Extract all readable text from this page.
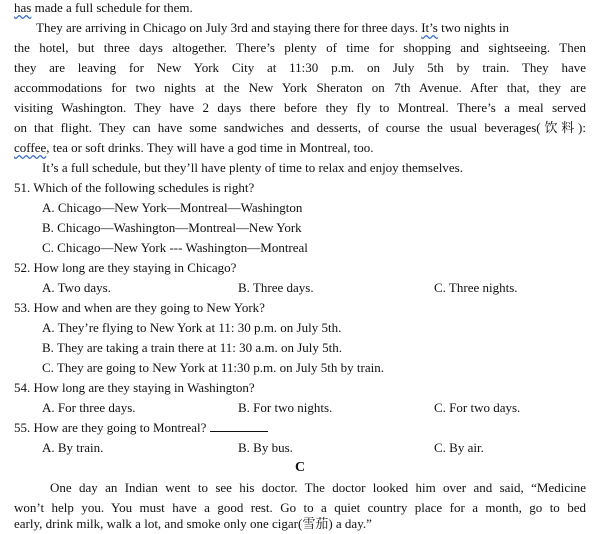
has made a full schedule for them.
They are arriving in Chicago on July 3rd and staying there for three days. It’s two nights in
the hotel, but three days altogether. There’s plenty of time for shopping and sightseeing. Then
they are leaving for New York City at 11:30 p.m. on July 5th by train. They have
accommodations for two nights at the New York Sheraton on 7th Avenue. After that, they are
visiting Washington. They have 2 days there before they fly to Montreal. There’s a meal served
on that flight. They can have some sandwiches and desserts, of course the usual beverages(饮料):
coffee, tea or soft drinks. They will have a god time in Montreal, too.
It’s a full schedule, but they’ll have plenty of time to relax and enjoy themselves.
51. Which of the following schedules is right?
A. Chicago—New York—Montreal—Washington
B. Chicago—Washington—Montreal—New York
C. Chicago—New York --- Washington—Montreal
52. How long are they staying in Chicago?
A. Two days.	B. Three days.	C. Three nights.
53. How and when are they going to New York?
A. They’re flying to New York at 11: 30 p.m. on July 5th.
B. They are taking a train there at 11: 30 a.m. on July 5th.
C. They are going to New York at 11:30 p.m. on July 5th by train.
54. How long are they staying in Washington?
A. For three days.	B. For two nights.	C. For two days.
55. How are they going to Montreal?
A. By train.	B. By bus.	C. By air.
C
One day an Indian went to see his doctor. The doctor looked him over and said, “Medicine
won’t help you. You must have a good rest. Go to a quiet country place for a month, go to bed
early, drink milk, walk a lot, and smoke only one cigar(雪茄) a day.”
